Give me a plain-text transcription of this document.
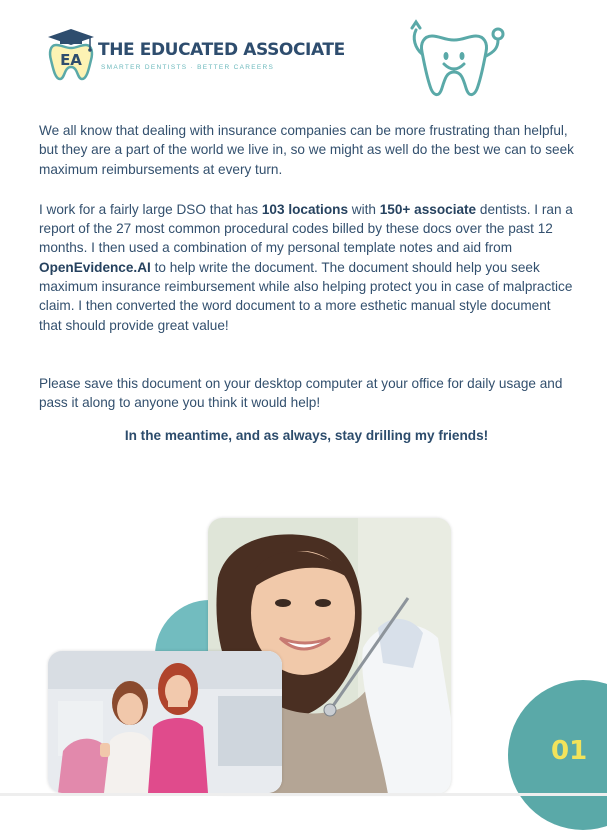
EA THE EDUCATED ASSOCIATE
SMARTER DENTISTS · BETTER CAREERS

We all know that dealing with insurance companies can be more frustrating than helpful, but they are a part of the world we live in, so we might as well do the best we can to seek maximum reimbursements at every turn.

I work for a fairly large DSO that has 103 locations with 150+ associate dentists. I ran a report of the 27 most common procedural codes billed by these docs over the past 12 months. I then used a combination of my personal template notes and aid from OpenEvidence.AI to help write the document. The document should help you seek maximum insurance reimbursement while also helping protect you in case of malpractice claim. I then converted the word document to a more esthetic manual style document that should provide great value!

Please save this document on your desktop computer at your office for daily usage and pass it along to anyone you think it would help!

In the meantime, and as always, stay drilling my friends!

01
